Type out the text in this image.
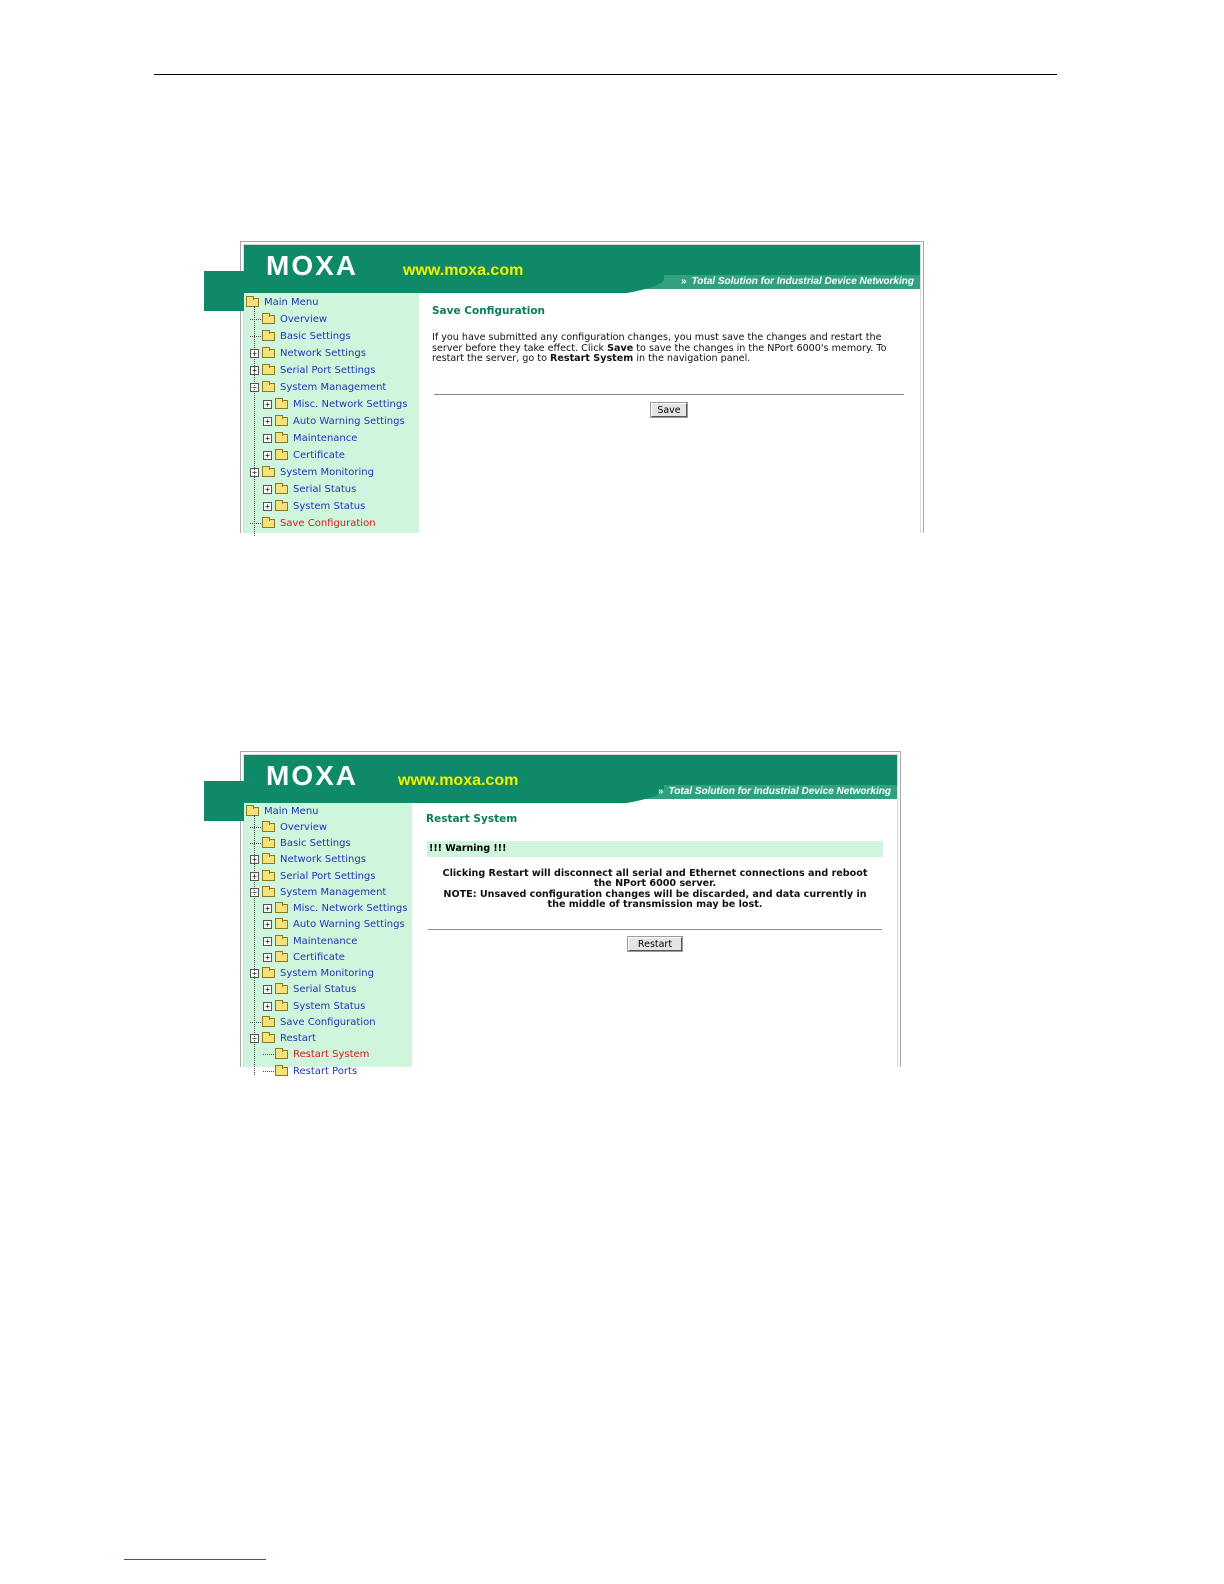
MOXA	www.moxa.com
» Total Solution for Industrial Device Networking
Main Menu
Overview
Basic Settings
+ Network Settings
+ Serial Port Settings
− System Management
+ Misc. Network Settings
+ Auto Warning Settings
+ Maintenance
+ Certificate
− System Monitoring
+ Serial Status
+ System Status
Save Configuration
Save Configuration
If you have submitted any configuration changes, you must save the changes and restart the server before they take effect. Click Save to save the changes in the NPort 6000's memory. To restart the server, go to Restart System in the navigation panel.
Save
MOXA	www.moxa.com
» Total Solution for Industrial Device Networking
Main Menu
Overview
Basic Settings
+ Network Settings
+ Serial Port Settings
− System Management
+ Misc. Network Settings
+ Auto Warning Settings
+ Maintenance
+ Certificate
− System Monitoring
+ Serial Status
+ System Status
Save Configuration
− Restart
Restart System
Restart Ports
Restart System
!!! Warning !!!
Clicking Restart will disconnect all serial and Ethernet connections and reboot the NPort 6000 server.
NOTE: Unsaved configuration changes will be discarded, and data currently in the middle of transmission may be lost.
Restart
